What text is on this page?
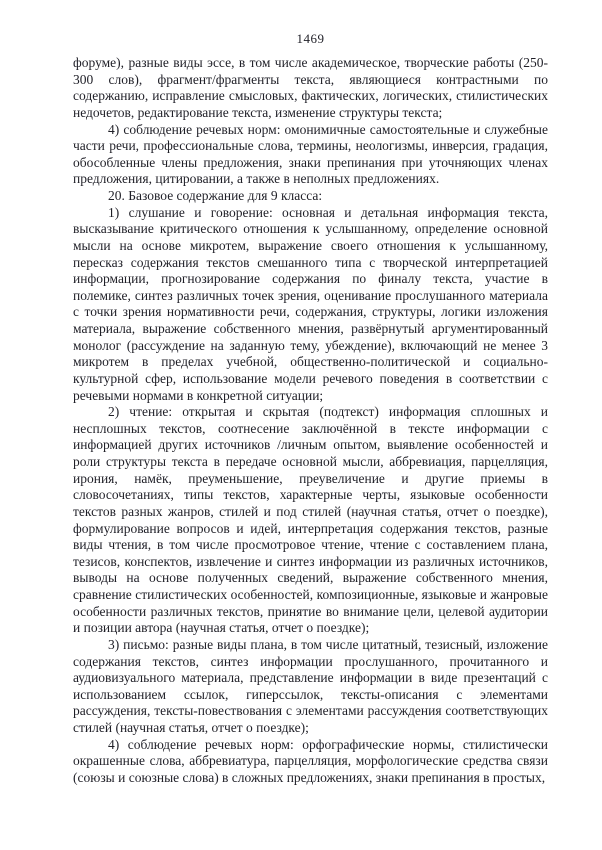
1469

форуме), разные виды эссе, в том числе академическое, творческие работы (250-300 слов), фрагмент/фрагменты текста, являющиеся контрастными по содержанию, исправление смысловых, фактических, логических, стилистических недочетов, редактирование текста, изменение структуры текста;

4) соблюдение речевых норм: омонимичные самостоятельные и служебные части речи, профессиональные слова, термины, неологизмы, инверсия, градация, обособленные члены предложения, знаки препинания при уточняющих членах предложения, цитировании, а также в неполных предложениях.

20. Базовое содержание для 9 класса:

1) слушание и говорение: основная и детальная информация текста, высказывание критического отношения к услышанному, определение основной мысли на основе микротем, выражение своего отношения к услышанному, пересказ содержания текстов смешанного типа с творческой интерпретацией информации, прогнозирование содержания по финалу текста, участие в полемике, синтез различных точек зрения, оценивание прослушанного материала с точки зрения нормативности речи, содержания, структуры, логики изложения материала, выражение собственного мнения, развёрнутый аргументированный монолог (рассуждение на заданную тему, убеждение), включающий не менее 3 микротем в пределах учебной, общественно-политической и социально-культурной сфер, использование модели речевого поведения в соответствии с речевыми нормами в конкретной ситуации;

2) чтение: открытая и скрытая (подтекст) информация сплошных и несплошных текстов, соотнесение заключённой в тексте информации с информацией других источников /личным опытом, выявление особенностей и роли структуры текста в передаче основной мысли, аббревиация, парцелляция, ирония, намёк, преуменьшение, преувеличение и другие приемы в словосочетаниях, типы текстов, характерные черты, языковые особенности текстов разных жанров, стилей и под стилей (научная статья, отчет о поездке), формулирование вопросов и идей, интерпретация содержания текстов, разные виды чтения, в том числе просмотровое чтение, чтение с составлением плана, тезисов, конспектов, извлечение и синтез информации из различных источников, выводы на основе полученных сведений, выражение собственного мнения, сравнение стилистических особенностей, композиционные, языковые и жанровые особенности различных текстов, принятие во внимание цели, целевой аудитории и позиции автора (научная статья, отчет о поездке);

3) письмо: разные виды плана, в том числе цитатный, тезисный, изложение содержания текстов, синтез информации прослушанного, прочитанного и аудиовизуального материала, представление информации в виде презентаций с использованием ссылок, гиперссылок, тексты-описания с элементами рассуждения, тексты-повествования с элементами рассуждения соответствующих стилей (научная статья, отчет о поездке);

4) соблюдение речевых норм: орфографические нормы, стилистически окрашенные слова, аббревиатура, парцелляция, морфологические средства связи (союзы и союзные слова) в сложных предложениях, знаки препинания в простых,
